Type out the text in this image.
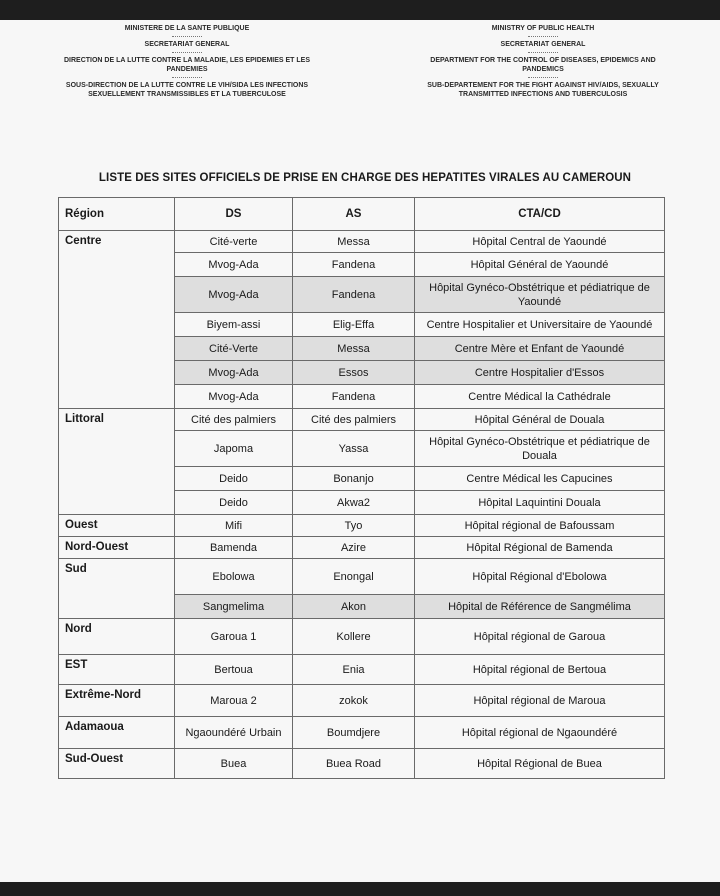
MINISTERE DE LA SANTE PUBLIQUE

SECRETARIAT GENERAL

DIRECTION DE LA LUTTE CONTRE LA MALADIE, LES EPIDEMIES ET LES PANDEMIES

SOUS-DIRECTION DE LA LUTTE CONTRE LE VIH/SIDA LES INFECTIONS SEXUELLEMENT TRANSMISSIBLES ET LA TUBERCULOSE

MINISTRY OF PUBLIC HEALTH

SECRETARIAT GENERAL

DEPARTMENT FOR THE CONTROL OF DISEASES, EPIDEMICS AND PANDEMICS

SUB-DEPARTEMENT FOR THE FIGHT AGAINST HIV/AIDS, SEXUALLY TRANSMITTED INFECTIONS AND TUBERCULOSIS

LISTE DES SITES OFFICIELS DE PRISE EN CHARGE DES HEPATITES VIRALES AU CAMEROUN
Région	DS	AS	CTA/CD
Centre	Cité-verte	Messa	Hôpital Central de Yaoundé
	Mvog-Ada	Fandena	Hôpital Général de Yaoundé
	Mvog-Ada	Fandena	Hôpital Gynéco-Obstétrique et pédiatrique de Yaoundé
	Biyem-assi	Elig-Effa	Centre Hospitalier et Universitaire de Yaoundé
	Cité-Verte	Messa	Centre Mère et Enfant de Yaoundé
	Mvog-Ada	Essos	Centre Hospitalier d'Essos
	Mvog-Ada	Fandena	Centre Médical la Cathédrale
Littoral	Cité des palmiers	Cité des palmiers	Hôpital Général de Douala
	Japoma	Yassa	Hôpital Gynéco-Obstétrique et pédiatrique de Douala
	Deido	Bonanjo	Centre Médical les Capucines
	Deido	Akwa2	Hôpital Laquintini Douala
Ouest	Mifi	Tyo	Hôpital régional de Bafoussam
Nord-Ouest	Bamenda	Azire	Hôpital Régional de Bamenda
Sud	Ebolowa	Enongal	Hôpital Régional d'Ebolowa
	Sangmelima	Akon	Hôpital de Référence de Sangmélima
Nord	Garoua 1	Kollere	Hôpital régional de Garoua
EST	Bertoua	Enia	Hôpital régional de Bertoua
Extrême-Nord	Maroua 2	zokok	Hôpital régional de Maroua
Adamaoua	Ngaoundéré Urbain	Boumdjere	Hôpital régional de Ngaoundéré
Sud-Ouest	Buea	Buea Road	Hôpital Régional de Buea
